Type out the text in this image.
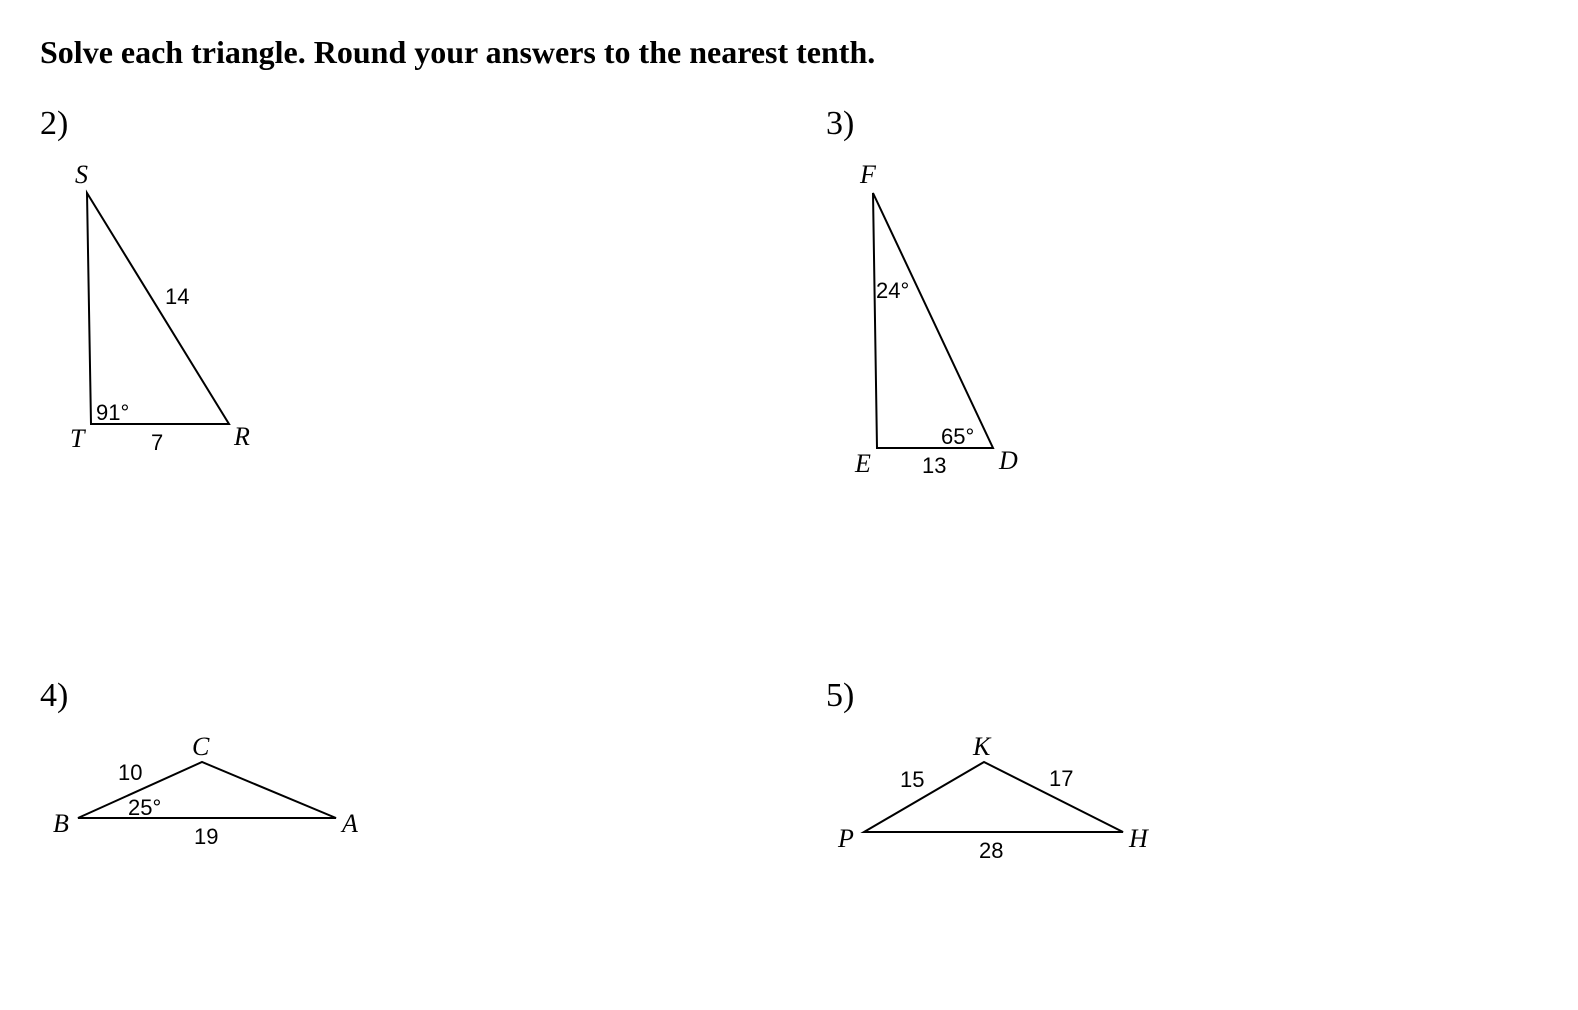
Solve each triangle. Round your answers to the nearest tenth.

2)	3)
4)	5)
S
T	R
14
7
91°
F
E	D
13
24°
65°
B
C
A
10
19
25°
P
K
H
15	17
28
